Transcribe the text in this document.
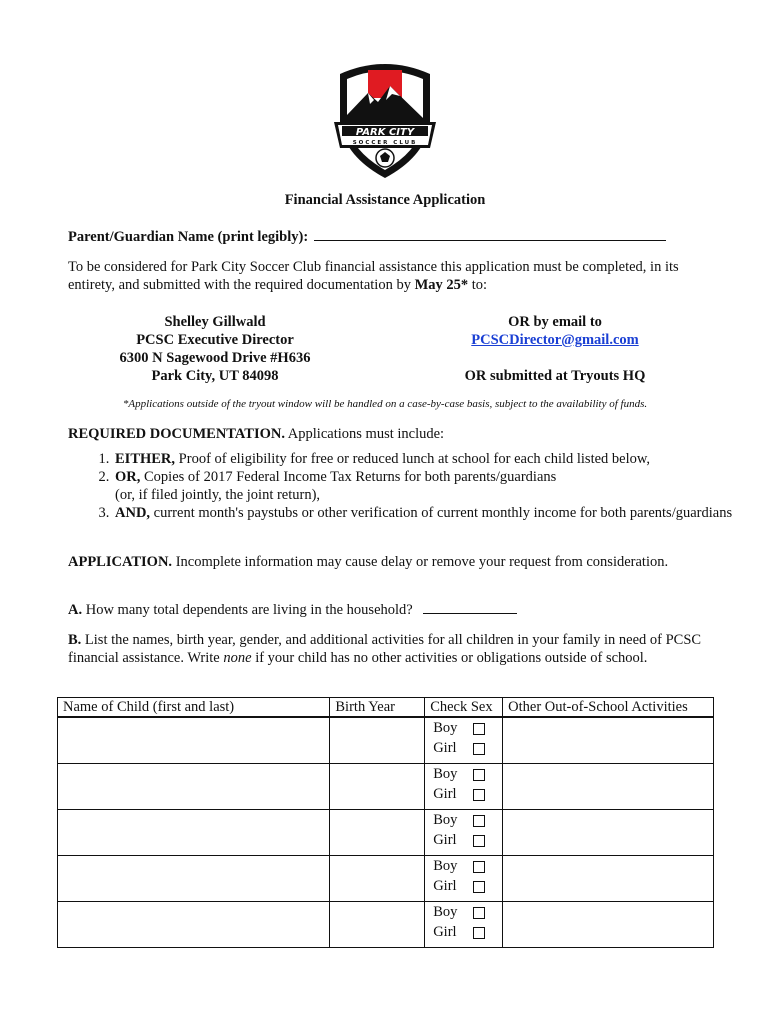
PARK CITY
SOCCER CLUB
Financial Assistance Application
Parent/Guardian Name (print legibly):
To be considered for Park City Soccer Club financial assistance this application must be completed, in its entirety, and submitted with the required documentation by May 25* to:
Shelley Gillwald
PCSC Executive Director
6300 N Sagewood Drive #H636
Park City, UT 84098
OR by email to
PCSCDirector@gmail.com
OR submitted at Tryouts HQ
*Applications outside of the tryout window will be handled on a case-by-case basis, subject to the availability of funds.
REQUIRED DOCUMENTATION. Applications must include:
1. EITHER, Proof of eligibility for free or reduced lunch at school for each child listed below,
2. OR, Copies of 2017 Federal Income Tax Returns for both parents/guardians
(or, if filed jointly, the joint return),
3. AND, current month's paystubs or other verification of current monthly income for both parents/guardians
APPLICATION. Incomplete information may cause delay or remove your request from consideration.
A. How many total dependents are living in the household?
B. List the names, birth year, gender, and additional activities for all children in your family in need of PCSC financial assistance. Write none if your child has no other activities or obligations outside of school.
Name of Child (first and last)	Birth Year	Check Sex	Other Out-of-School Activities

		Boy
Girl	

		Boy
Girl	

		Boy
Girl	

		Boy
Girl	

		Boy
Girl	
